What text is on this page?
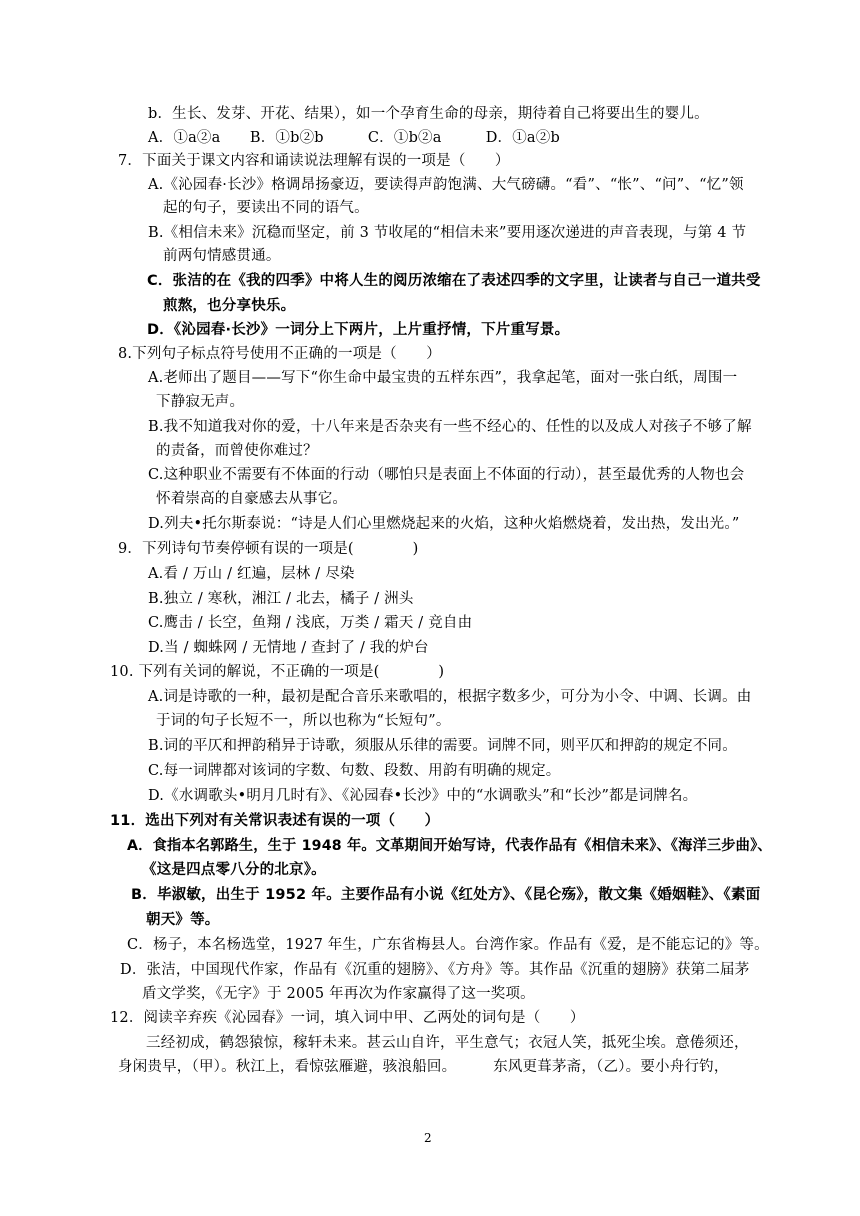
b．生长、发芽、开花、结果），如一个孕育生命的母亲，期待着自己将要出生的婴儿。
A．①a②a　　B．①b②b　　　C．①b②a　　　D．①a②b
7．下面关于课文内容和诵读说法理解有误的一项是（　　）
A.《沁园春·长沙》格调昂扬豪迈，要读得声韵饱满、大气磅礴。“看”、“怅”、“问”、“忆”领
起的句子，要读出不同的语气。
B.《相信未来》沉稳而坚定，前 3 节收尾的“相信未来”要用逐次递进的声音表现，与第 4 节
前两句情感贯通。
C．张洁的在《我的四季》中将人生的阅历浓缩在了表述四季的文字里，让读者与自己一道共受
煎熬，也分享快乐。
D．《沁园春·长沙》一词分上下两片，上片重抒情，下片重写景。
8.下列句子标点符号使用不正确的一项是（　　）
A.老师出了题目——写下“你生命中最宝贵的五样东西”，我拿起笔，面对一张白纸，周围一
下静寂无声。
B.我不知道我对你的爱，十八年来是否杂夹有一些不经心的、任性的以及成人对孩子不够了解
的责备，而曾使你难过？
C.这种职业不需要有不体面的行动（哪怕只是表面上不体面的行动），甚至最优秀的人物也会
怀着崇高的自豪感去从事它。
D.列夫•托尔斯泰说：“诗是人们心里燃烧起来的火焰，这种火焰燃烧着，发出热，发出光。”
9．下列诗句节奏停顿有误的一项是(　　　　)
A.看 / 万山 / 红遍，层林 / 尽染
B.独立 / 寒秋，湘江 / 北去，橘子 / 洲头
C.鹰击 / 长空，鱼翔 / 浅底，万类 / 霜天 / 竞自由
D.当 / 蜘蛛网 / 无情地 / 查封了 / 我的炉台
10. 下列有关词的解说，不正确的一项是(　　　　)
A.词是诗歌的一种，最初是配合音乐来歌唱的，根据字数多少，可分为小令、中调、长调。由
于词的句子长短不一，所以也称为“长短句”。
B.词的平仄和押韵稍异于诗歌，须服从乐律的需要。词牌不同，则平仄和押韵的规定不同。
C.每一词牌都对该词的字数、句数、段数、用韵有明确的规定。
D.《水调歌头•明月几时有》、《沁园春•长沙》中的“水调歌头”和“长沙”都是词牌名。
11．选出下列对有关常识表述有误的一项（　　）
A．食指本名郭路生，生于 1948 年。文革期间开始写诗，代表作品有《相信未来》、《海洋三步曲》、
《这是四点零八分的北京》。
B．毕淑敏，出生于 1952 年。主要作品有小说《红处方》、《昆仑殇》，散文集《婚姻鞋》、《素面
朝天》等。
C．杨子，本名杨选堂，1927 年生，广东省梅县人。台湾作家。作品有《爱，是不能忘记的》等。
D．张洁，中国现代作家，作品有《沉重的翅膀》、《方舟》等。其作品《沉重的翅膀》获第二届茅
盾文学奖，《无字》于 2005 年再次为作家赢得了这一奖项。
12．阅读辛弃疾《沁园春》一词，填入词中甲、乙两处的词句是（　　）
三经初成，鹤怨猿惊，稼轩未来。甚云山自许，平生意气；衣冠人笑，抵死尘埃。意倦须还，
身闲贵早，（甲）。秋江上，看惊弦雁避，骇浪船回。　　　东风更葺茅斋，（乙）。要小舟行钓，
2
